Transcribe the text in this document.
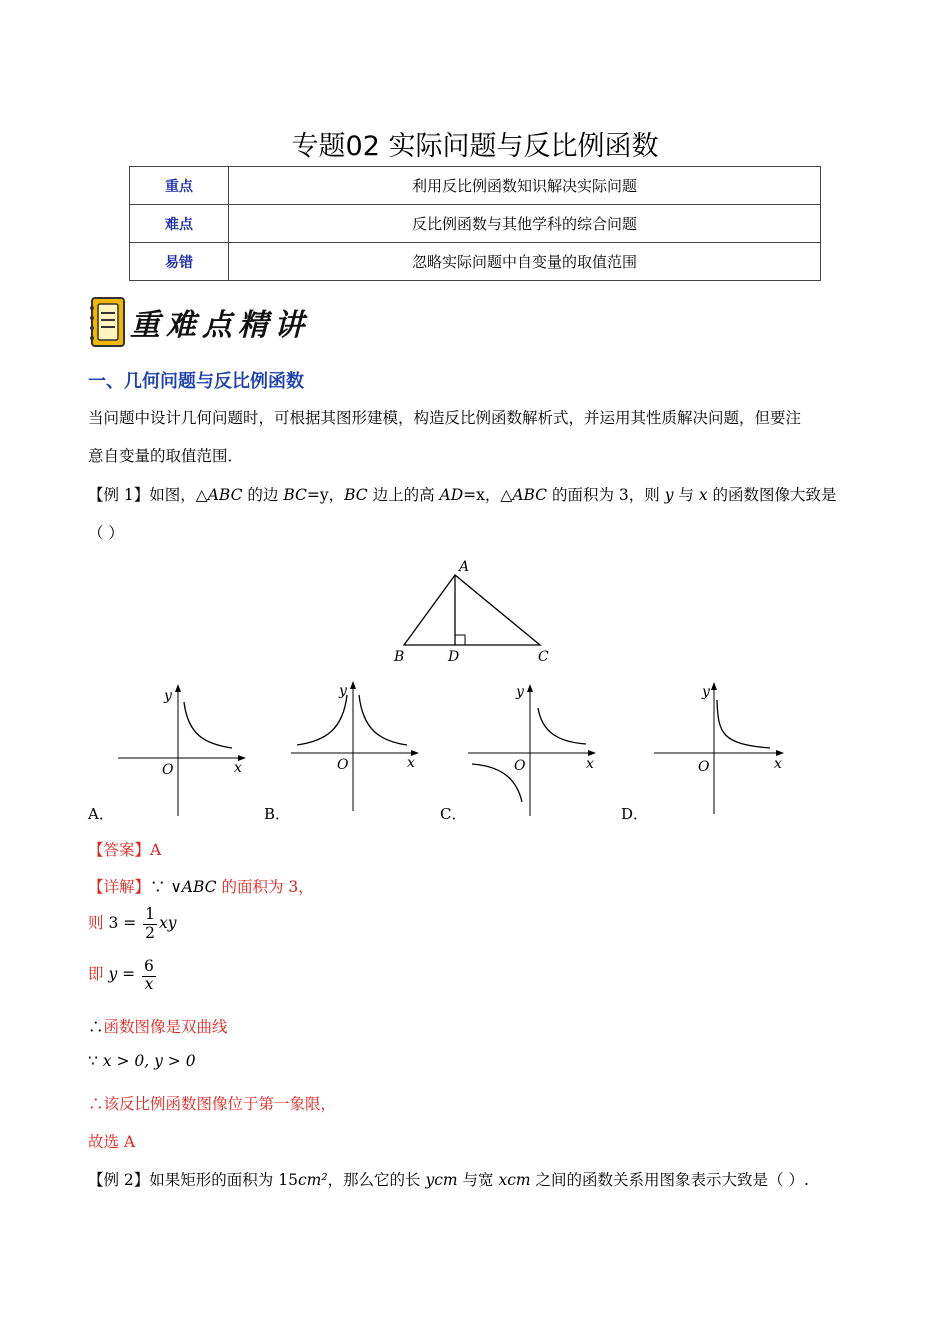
专题02 实际问题与反比例函数
重点	利用反比例函数知识解决实际问题
难点	反比例函数与其他学科的综合问题
易错	忽略实际问题中自变量的取值范围
重难点精讲
一、几何问题与反比例函数
当问题中设计几何问题时，可根据其图形建模，构造反比例函数解析式，并运用其性质解决问题，但要注
意自变量的取值范围．
【例 1】如图，△ABC 的边 BC=y，BC 边上的高 AD=x，△ABC 的面积为 3，则 y 与 x 的函数图像大致是
（ ）
A
B	C
D
y
O	x
A．
y
O	x
B．
y
O	x
C．
y
O	x
D．
【答案】A
【详解】∵ ∨ABC 的面积为 3，
则 $3 = \frac{1}{2}$ xy
即 $y = \frac{6}{x}$
∴函数图像是双曲线
∵ x > 0, y > 0
∴该反比例函数图像位于第一象限，
故选 A
【例 2】如果矩形的面积为 15cm²，那么它的长 ycm 与宽 xcm 之间的函数关系用图象表示大致是（ ）.
